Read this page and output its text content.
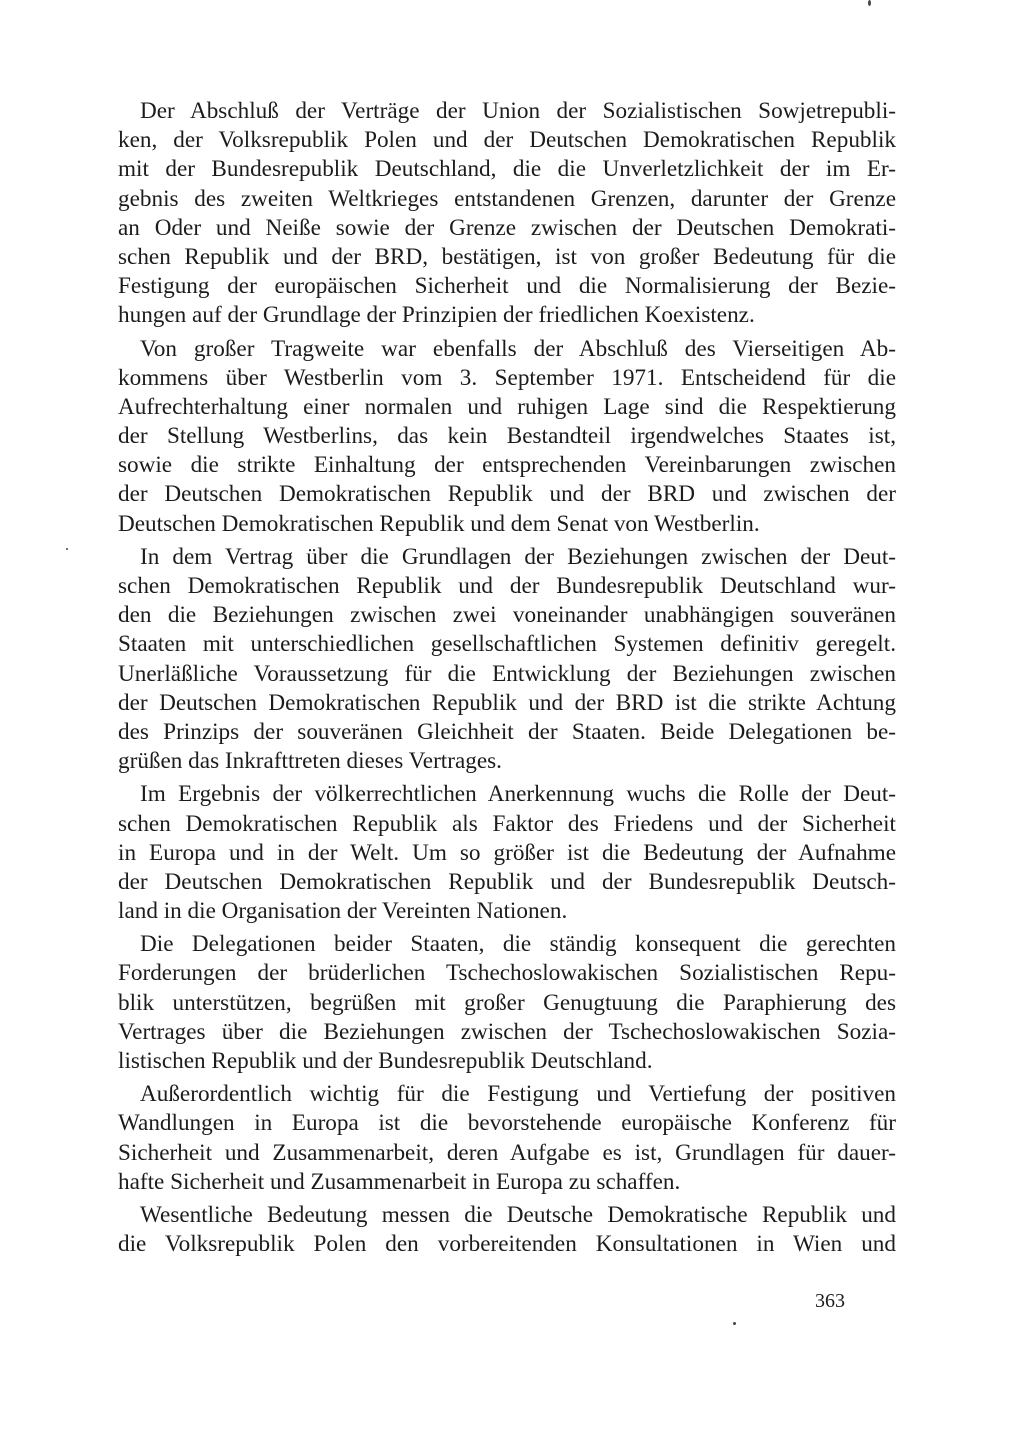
Der Abschluß der Verträge der Union der Sozialistischen Sowjetrepubli-
ken, der Volksrepublik Polen und der Deutschen Demokratischen Republik
mit der Bundesrepublik Deutschland, die die Unverletzlichkeit der im Er-
gebnis des zweiten Weltkrieges entstandenen Grenzen, darunter der Grenze
an Oder und Neiße sowie der Grenze zwischen der Deutschen Demokrati-
schen Republik und der BRD, bestätigen, ist von großer Bedeutung für die
Festigung der europäischen Sicherheit und die Normalisierung der Bezie-
hungen auf der Grundlage der Prinzipien der friedlichen Koexistenz.
Von großer Tragweite war ebenfalls der Abschluß des Vierseitigen Ab-
kommens über Westberlin vom 3. September 1971. Entscheidend für die
Aufrechterhaltung einer normalen und ruhigen Lage sind die Respektierung
der Stellung Westberlins, das kein Bestandteil irgendwelches Staates ist,
sowie die strikte Einhaltung der entsprechenden Vereinbarungen zwischen
der Deutschen Demokratischen Republik und der BRD und zwischen der
Deutschen Demokratischen Republik und dem Senat von Westberlin.
In dem Vertrag über die Grundlagen der Beziehungen zwischen der Deut-
schen Demokratischen Republik und der Bundesrepublik Deutschland wur-
den die Beziehungen zwischen zwei voneinander unabhängigen souveränen
Staaten mit unterschiedlichen gesellschaftlichen Systemen definitiv geregelt.
Unerläßliche Voraussetzung für die Entwicklung der Beziehungen zwischen
der Deutschen Demokratischen Republik und der BRD ist die strikte Achtung
des Prinzips der souveränen Gleichheit der Staaten. Beide Delegationen be-
grüßen das Inkrafttreten dieses Vertrages.
Im Ergebnis der völkerrechtlichen Anerkennung wuchs die Rolle der Deut-
schen Demokratischen Republik als Faktor des Friedens und der Sicherheit
in Europa und in der Welt. Um so größer ist die Bedeutung der Aufnahme
der Deutschen Demokratischen Republik und der Bundesrepublik Deutsch-
land in die Organisation der Vereinten Nationen.
Die Delegationen beider Staaten, die ständig konsequent die gerechten
Forderungen der brüderlichen Tschechoslowakischen Sozialistischen Repu-
blik unterstützen, begrüßen mit großer Genugtuung die Paraphierung des
Vertrages über die Beziehungen zwischen der Tschechoslowakischen Sozia-
listischen Republik und der Bundesrepublik Deutschland.
Außerordentlich wichtig für die Festigung und Vertiefung der positiven
Wandlungen in Europa ist die bevorstehende europäische Konferenz für
Sicherheit und Zusammenarbeit, deren Aufgabe es ist, Grundlagen für dauer-
hafte Sicherheit und Zusammenarbeit in Europa zu schaffen.
Wesentliche Bedeutung messen die Deutsche Demokratische Republik und
die Volksrepublik Polen den vorbereitenden Konsultationen in Wien und
363
